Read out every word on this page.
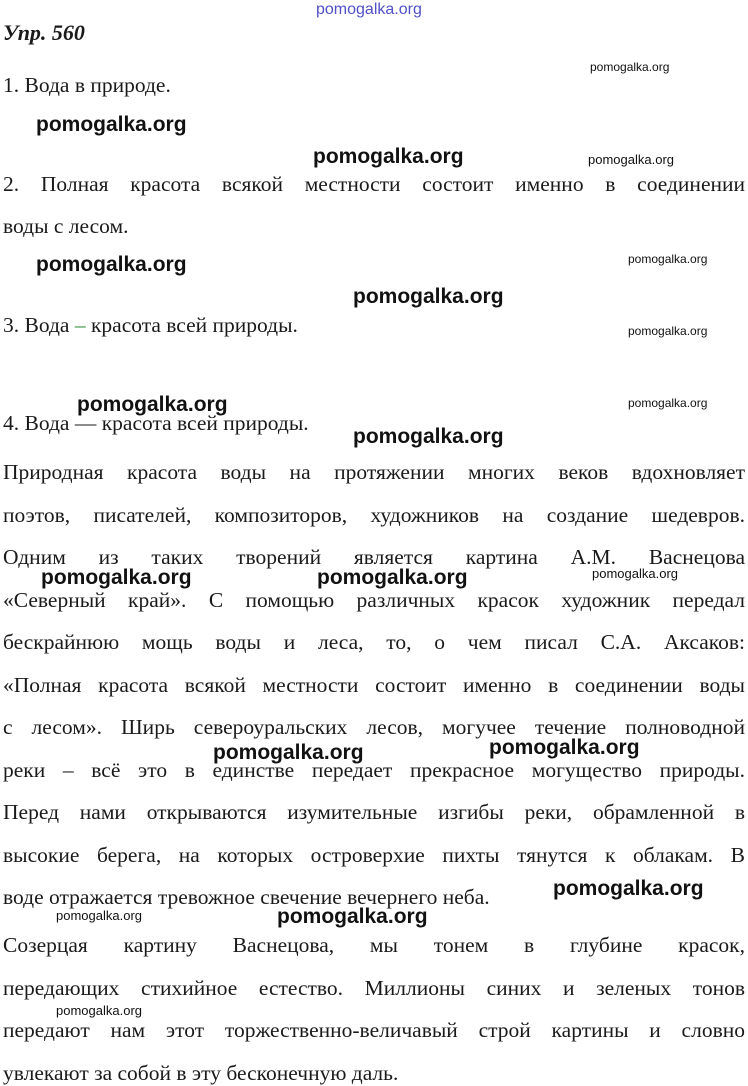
pomogalka.org
pomogalka.org
pomogalka.org
pomogalka.org	pomogalka.org
pomogalka.org	pomogalka.org
pomogalka.org
pomogalka.org
pomogalka.org	pomogalka.org
pomogalka.org
pomogalka.org	pomogalka.org	pomogalka.org
pomogalka.org	pomogalka.org
pomogalka.org
pomogalka.org	pomogalka.org
pomogalka.org
Упр. 560
1. Вода в природе.
2. Полная красота всякой местности состоит именно в соединении
воды с лесом.
3. Вода – красота всей природы.
4. Вода — красота всей природы.
Природная красота воды на протяжении многих веков вдохновляет
поэтов, писателей, композиторов, художников на создание шедевров.
Одним из таких творений является картина А.М. Васнецова
«Северный край». С помощью различных красок художник передал
бескрайнюю мощь воды и леса, то, о чем писал С.А. Аксаков:
«Полная красота всякой местности состоит именно в соединении воды
с лесом». Ширь североуральских лесов, могучее течение полноводной
реки – всё это в единстве передает прекрасное могущество природы.
Перед нами открываются изумительные изгибы реки, обрамленной в
высокие берега, на которых островерхие пихты тянутся к облакам. В
воде отражается тревожное свечение вечернего неба.
Созерцая картину Васнецова, мы тонем в глубине красок,
передающих стихийное естество. Миллионы синих и зеленых тонов
передают нам этот торжественно-величавый строй картины и словно
увлекают за собой в эту бесконечную даль.
